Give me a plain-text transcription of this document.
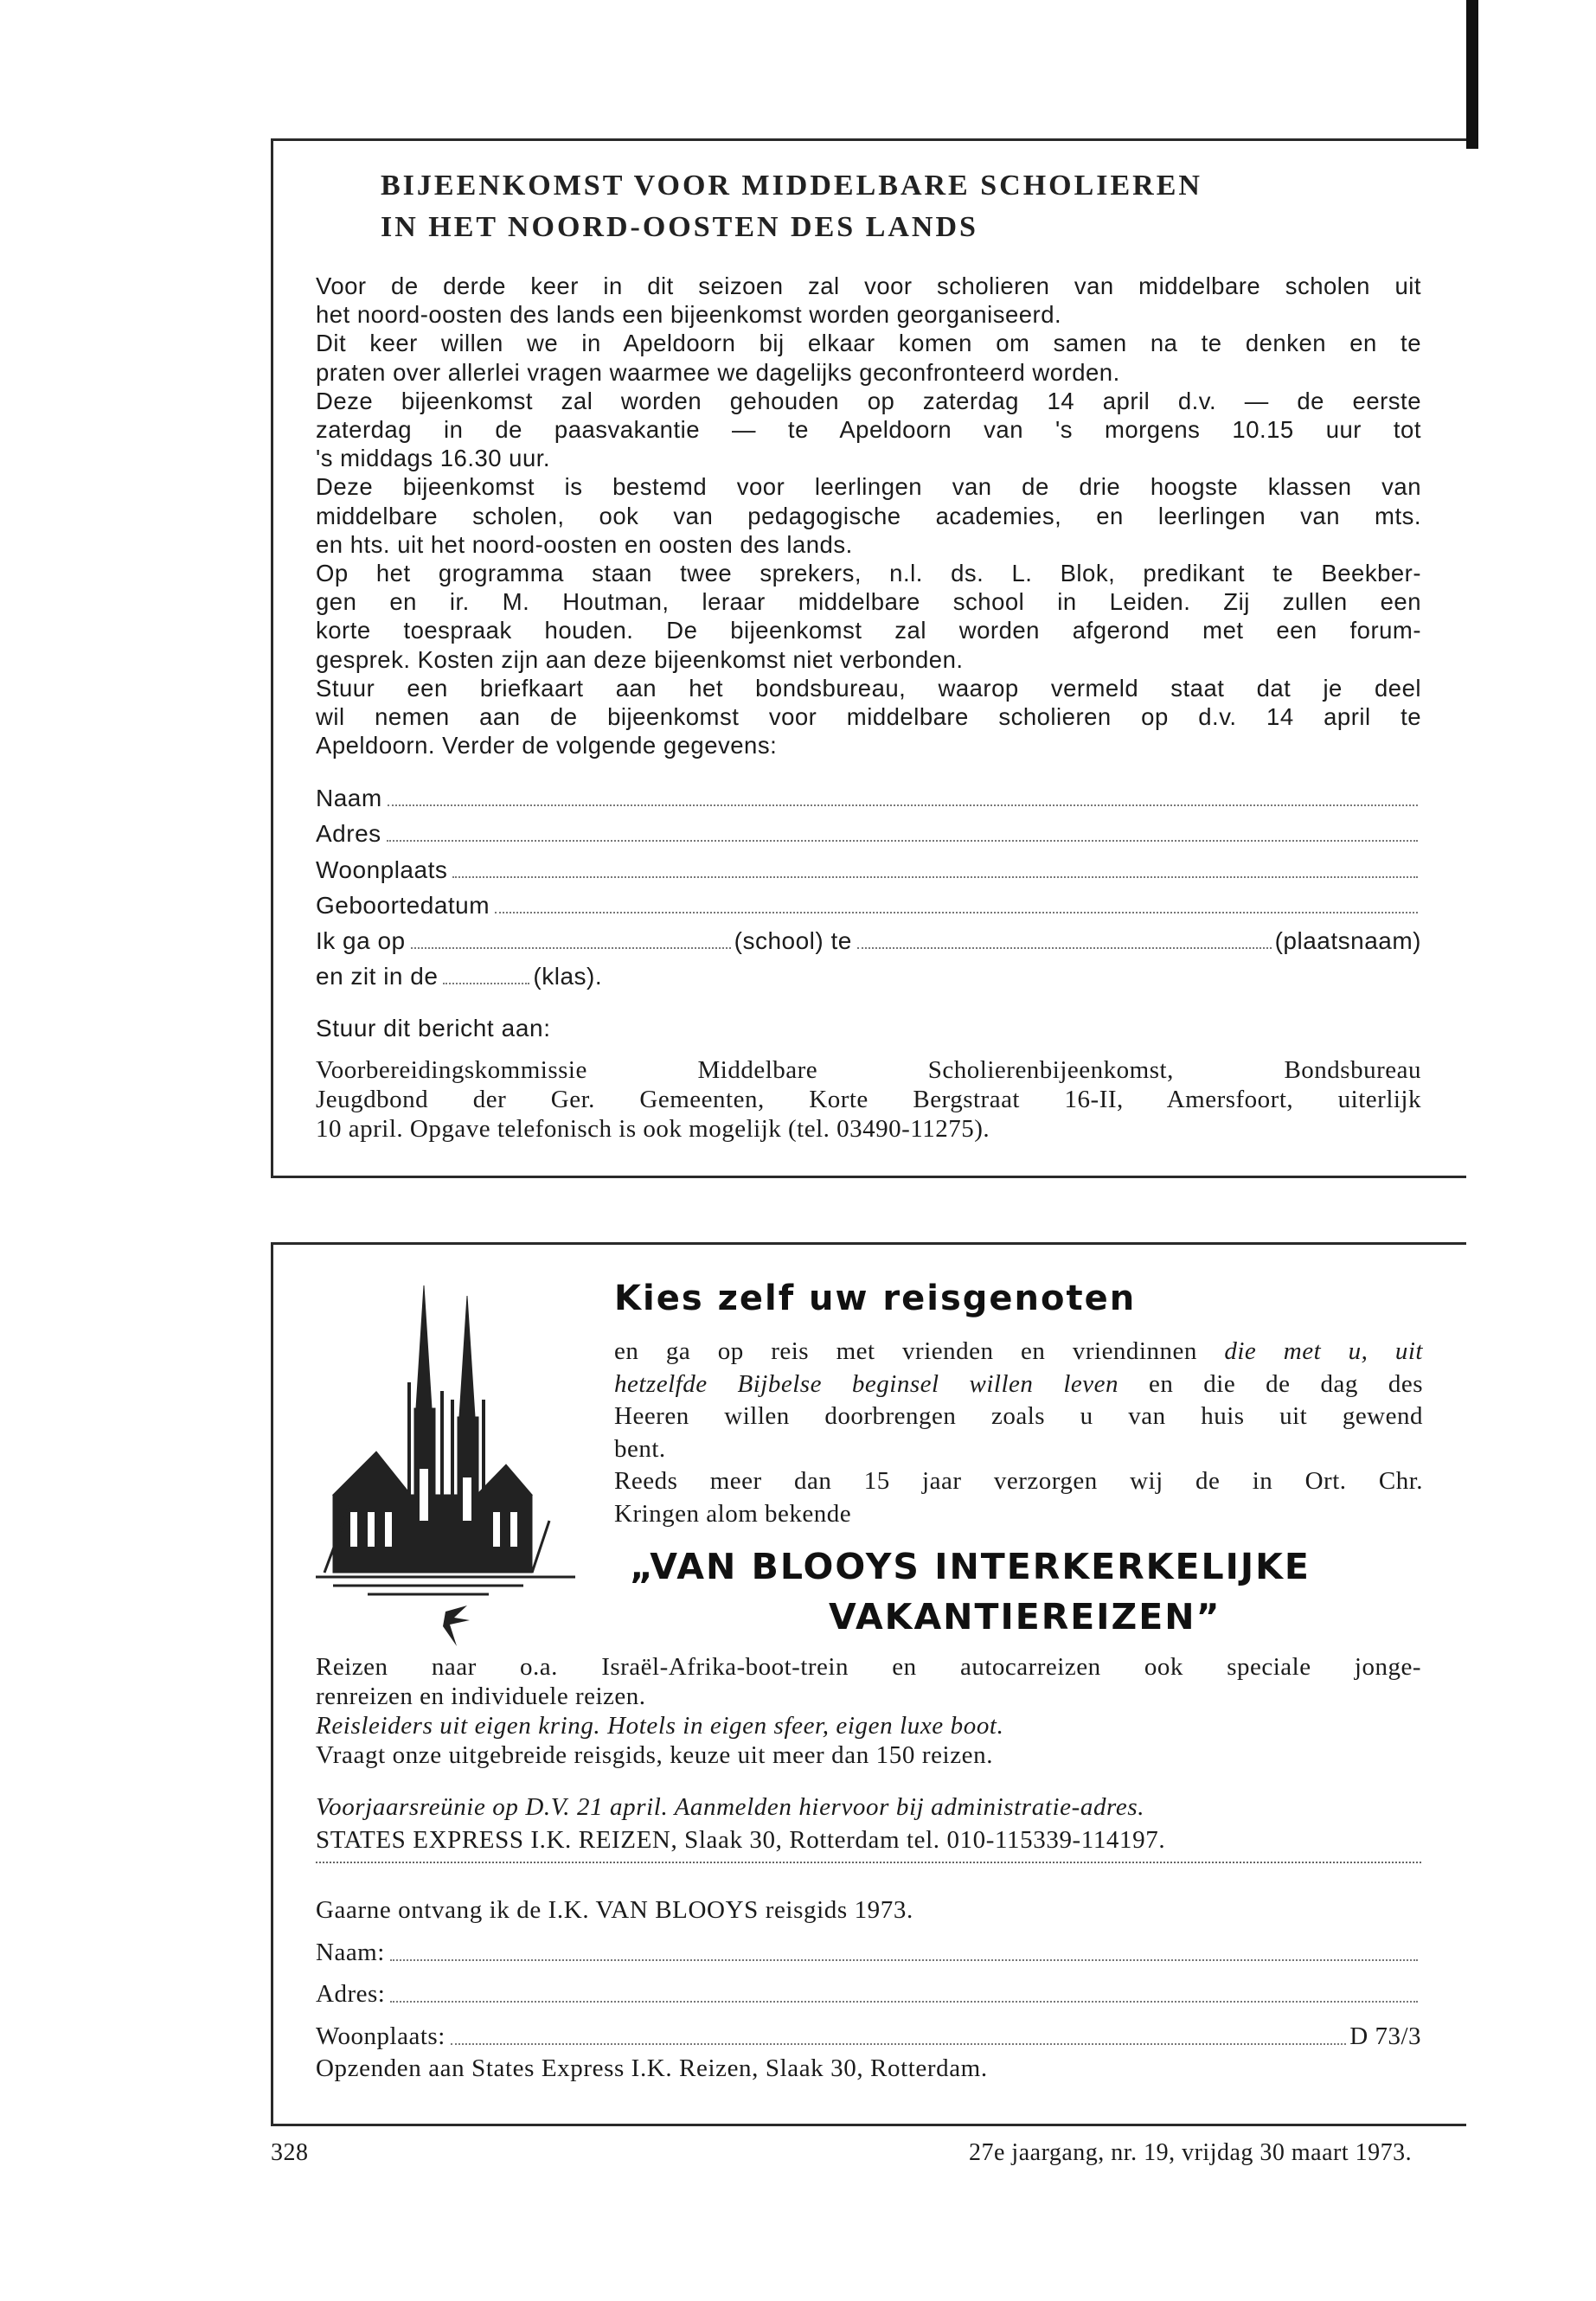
BIJEENKOMST VOOR MIDDELBARE SCHOLIEREN
IN HET NOORD-OOSTEN DES LANDS
Voor de derde keer in dit seizoen zal voor scholieren van middelbare scholen uit
het noord-oosten des lands een bijeenkomst worden georganiseerd.
Dit keer willen we in Apeldoorn bij elkaar komen om samen na te denken en te
praten over allerlei vragen waarmee we dagelijks geconfronteerd worden.
Deze bijeenkomst zal worden gehouden op zaterdag 14 april d.v. — de eerste
zaterdag in de paasvakantie — te Apeldoorn van 's morgens 10.15 uur tot
's middags 16.30 uur.
Deze bijeenkomst is bestemd voor leerlingen van de drie hoogste klassen van
middelbare scholen, ook van pedagogische academies, en leerlingen van mts.
en hts. uit het noord-oosten en oosten des lands.
Op het grogramma staan twee sprekers, n.l. ds. L. Blok, predikant te Beekber-
gen en ir. M. Houtman, leraar middelbare school in Leiden. Zij zullen een
korte toespraak houden. De bijeenkomst zal worden afgerond met een forum-
gesprek. Kosten zijn aan deze bijeenkomst niet verbonden.
Stuur een briefkaart aan het bondsbureau, waarop vermeld staat dat je deel
wil nemen aan de bijeenkomst voor middelbare scholieren op d.v. 14 april te
Apeldoorn. Verder de volgende gegevens:
Naam
Adres
Woonplaats
Geboortedatum
Ik ga op	(school) te	(plaatsnaam)
en zit in de	(klas).
Stuur dit bericht aan:
Voorbereidingskommissie Middelbare Scholierenbijeenkomst, Bondsbureau
Jeugdbond der Ger. Gemeenten, Korte Bergstraat 16-II, Amersfoort, uiterlijk
10 april. Opgave telefonisch is ook mogelijk (tel. 03490-11275).
Kies zelf uw reisgenoten
en ga op reis met vrienden en vriendinnen die met u, uit
hetzelfde Bijbelse beginsel willen leven en die de dag des
Heeren willen doorbrengen zoals u van huis uit gewend
bent.
Reeds meer dan 15 jaar verzorgen wij de in Ort. Chr.
Kringen alom bekende
„VAN BLOOYS INTERKERKELIJKE
VAKANTIEREIZEN”
Reizen naar o.a. Israël-Afrika-boot-trein en autocarreizen ook speciale jonge-
renreizen en individuele reizen.
Reisleiders uit eigen kring. Hotels in eigen sfeer, eigen luxe boot.
Vraagt onze uitgebreide reisgids, keuze uit meer dan 150 reizen.
Voorjaarsreünie op D.V. 21 april. Aanmelden hiervoor bij administratie-adres.
STATES EXPRESS I.K. REIZEN, Slaak 30, Rotterdam tel. 010-115339-114197.
Gaarne ontvang ik de I.K. VAN BLOOYS reisgids 1973.
Naam:
Adres:
Woonplaats:	D 73/3
Opzenden aan States Express I.K. Reizen, Slaak 30, Rotterdam.
328	27e jaargang, nr. 19, vrijdag 30 maart 1973.
